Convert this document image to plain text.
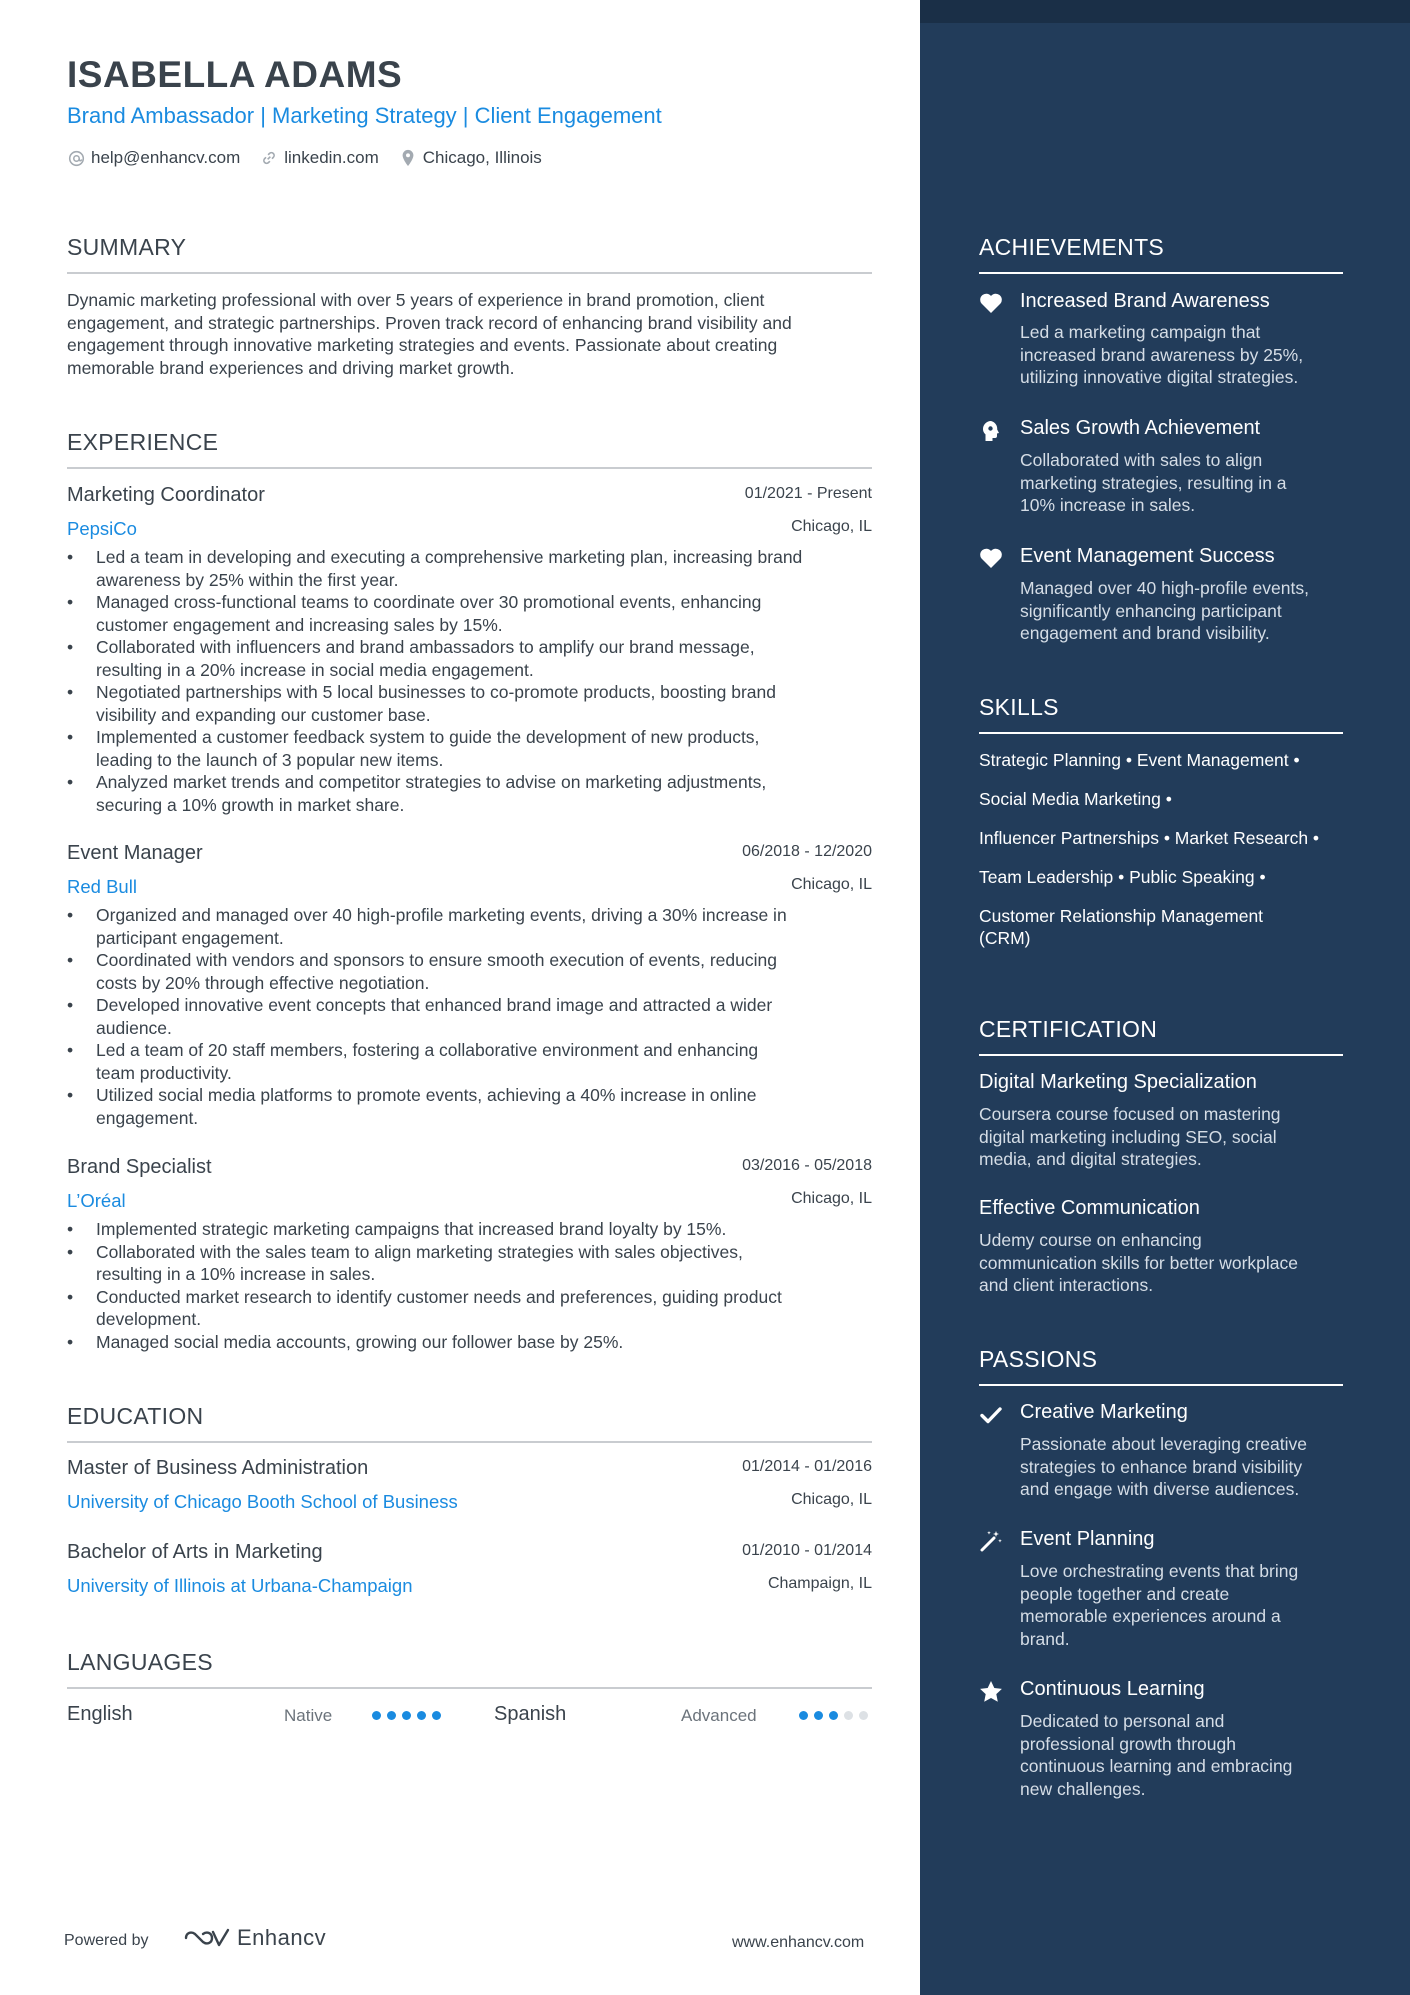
ISABELLA ADAMS
Brand Ambassador | Marketing Strategy | Client Engagement
help@enhancv.com	linkedin.com	Chicago, Illinois
SUMMARY
Dynamic marketing professional with over 5 years of experience in brand promotion, client
engagement, and strategic partnerships. Proven track record of enhancing brand visibility and
engagement through innovative marketing strategies and events. Passionate about creating
memorable brand experiences and driving market growth.
EXPERIENCE
Marketing Coordinator	01/2021 - Present
PepsiCo	Chicago, IL
• Led a team in developing and executing a comprehensive marketing plan, increasing brand
awareness by 25% within the first year.
• Managed cross-functional teams to coordinate over 30 promotional events, enhancing
customer engagement and increasing sales by 15%.
• Collaborated with influencers and brand ambassadors to amplify our brand message,
resulting in a 20% increase in social media engagement.
• Negotiated partnerships with 5 local businesses to co-promote products, boosting brand
visibility and expanding our customer base.
• Implemented a customer feedback system to guide the development of new products,
leading to the launch of 3 popular new items.
• Analyzed market trends and competitor strategies to advise on marketing adjustments,
securing a 10% growth in market share.
Event Manager	06/2018 - 12/2020
Red Bull	Chicago, IL
• Organized and managed over 40 high-profile marketing events, driving a 30% increase in
participant engagement.
• Coordinated with vendors and sponsors to ensure smooth execution of events, reducing
costs by 20% through effective negotiation.
• Developed innovative event concepts that enhanced brand image and attracted a wider
audience.
• Led a team of 20 staff members, fostering a collaborative environment and enhancing
team productivity.
• Utilized social media platforms to promote events, achieving a 40% increase in online
engagement.
Brand Specialist	03/2016 - 05/2018
L’Oréal	Chicago, IL
• Implemented strategic marketing campaigns that increased brand loyalty by 15%.
• Collaborated with the sales team to align marketing strategies with sales objectives,
resulting in a 10% increase in sales.
• Conducted market research to identify customer needs and preferences, guiding product
development.
• Managed social media accounts, growing our follower base by 25%.
EDUCATION
Master of Business Administration	01/2014 - 01/2016
University of Chicago Booth School of Business	Chicago, IL
Bachelor of Arts in Marketing	01/2010 - 01/2014
University of Illinois at Urbana-Champaign	Champaign, IL
LANGUAGES
English	Native	Spanish	Advanced
Powered by	Enhancv	www.enhancv.com
ACHIEVEMENTS
Increased Brand Awareness
Led a marketing campaign that
increased brand awareness by 25%,
utilizing innovative digital strategies.
Sales Growth Achievement
Collaborated with sales to align
marketing strategies, resulting in a
10% increase in sales.
Event Management Success
Managed over 40 high-profile events,
significantly enhancing participant
engagement and brand visibility.
SKILLS
Strategic Planning • Event Management •
Social Media Marketing •
Influencer Partnerships • Market Research •
Team Leadership • Public Speaking •
Customer Relationship Management
(CRM)
CERTIFICATION
Digital Marketing Specialization
Coursera course focused on mastering
digital marketing including SEO, social
media, and digital strategies.
Effective Communication
Udemy course on enhancing
communication skills for better workplace
and client interactions.
PASSIONS
Creative Marketing
Passionate about leveraging creative
strategies to enhance brand visibility
and engage with diverse audiences.
Event Planning
Love orchestrating events that bring
people together and create
memorable experiences around a
brand.
Continuous Learning
Dedicated to personal and
professional growth through
continuous learning and embracing
new challenges.
